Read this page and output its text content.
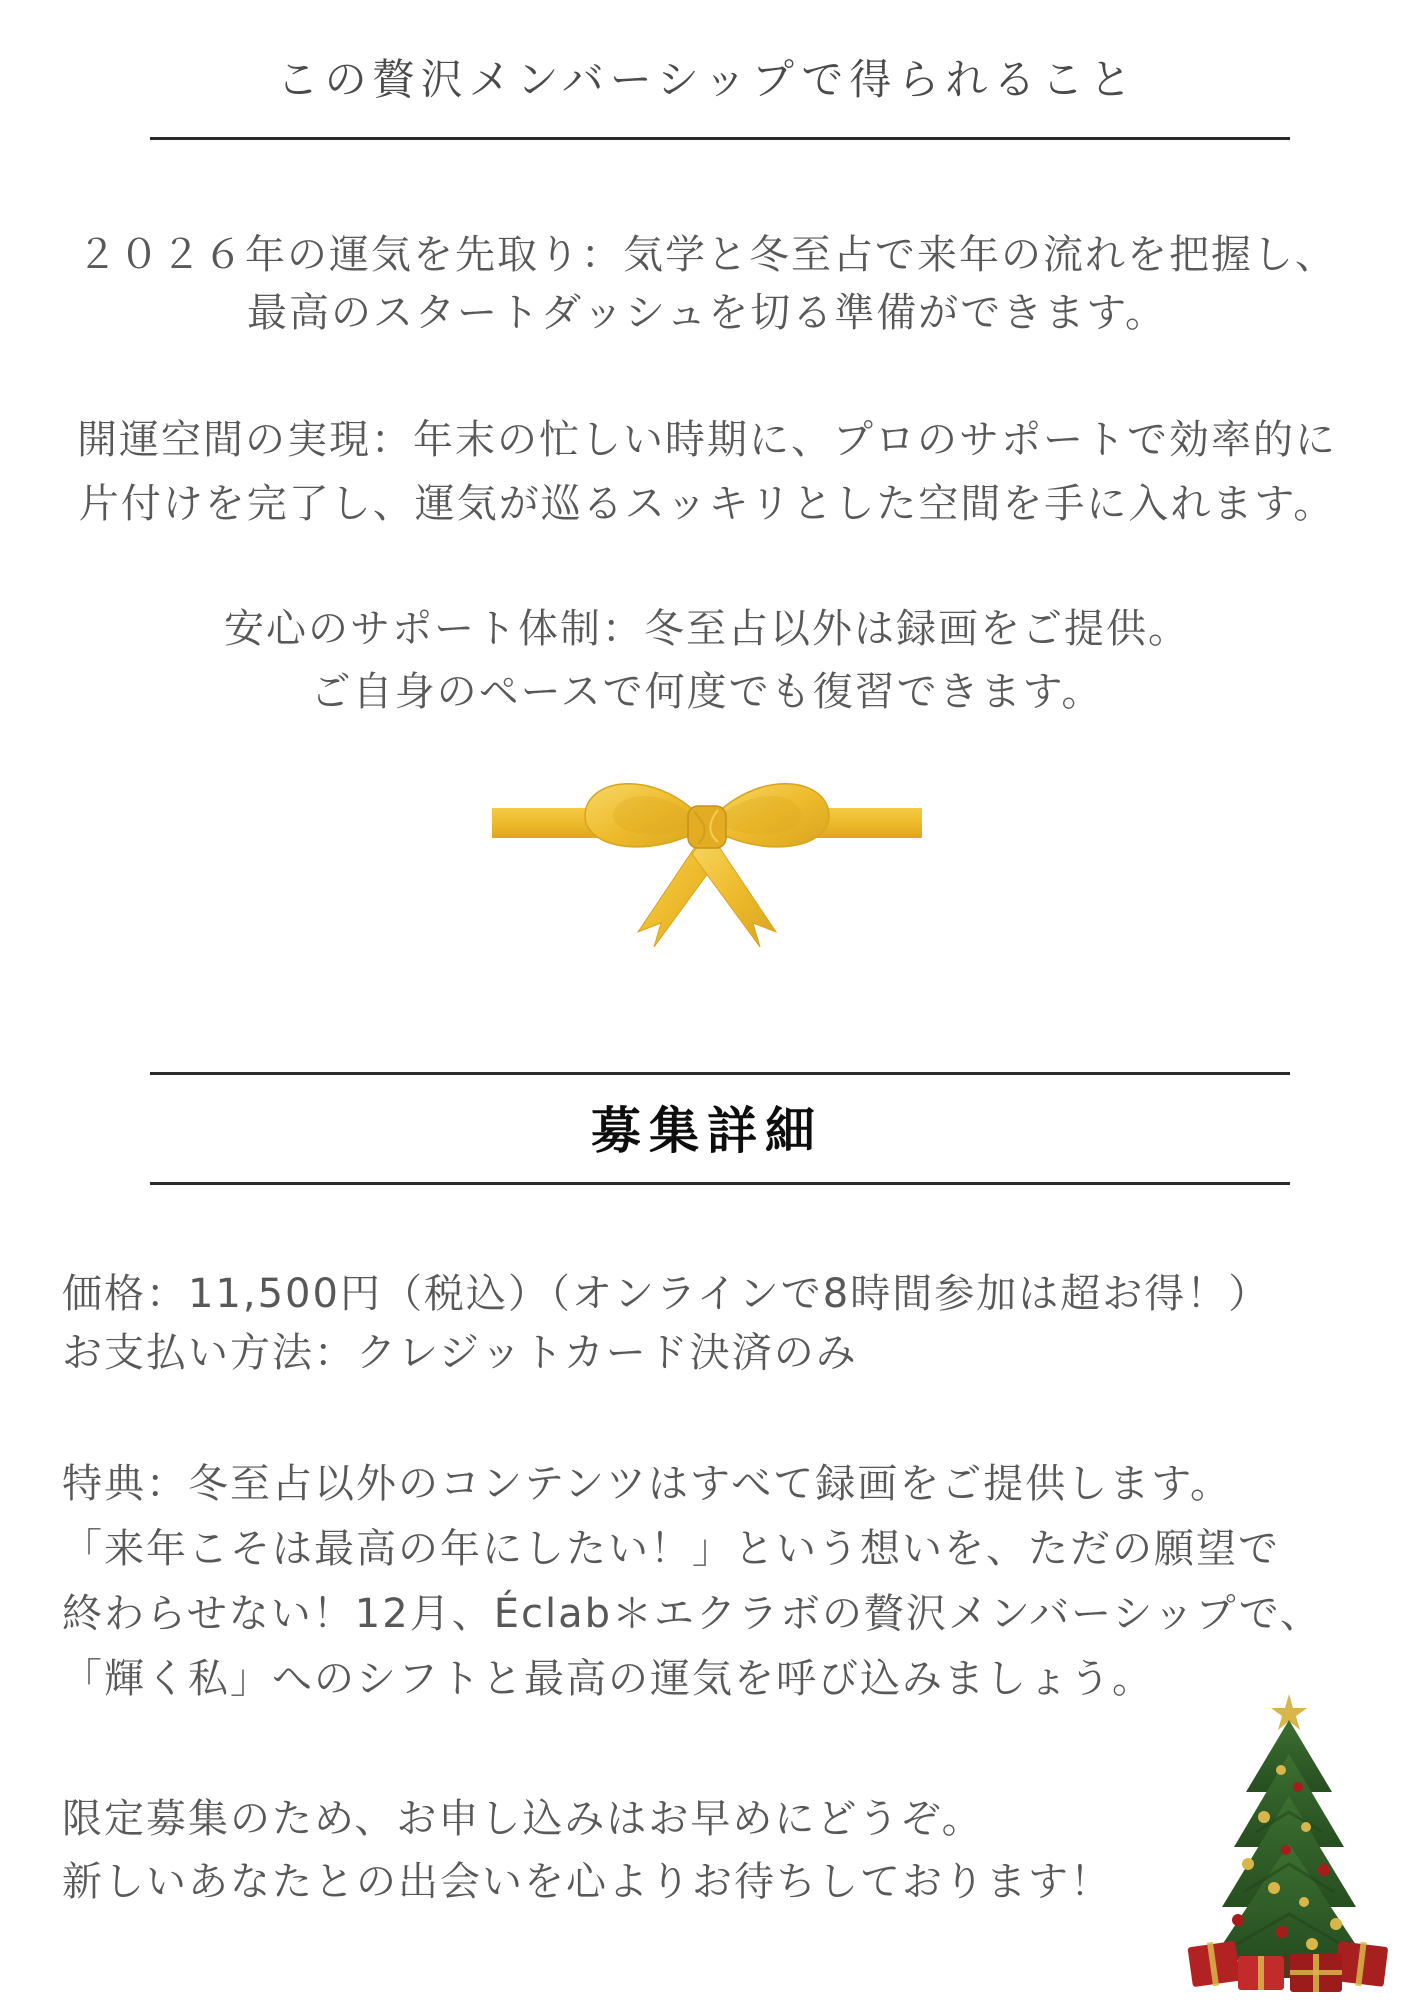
この贅沢メンバーシップで得られること
２０２６年の運気を先取り：気学と冬至占で来年の流れを把握し、
最高のスタートダッシュを切る準備ができます。
開運空間の実現：年末の忙しい時期に、プロのサポートで効率的に
片付けを完了し、運気が巡るスッキリとした空間を手に入れます。
安心のサポート体制：冬至占以外は録画をご提供。
ご自身のペースで何度でも復習できます。
募集詳細
価格：11,500円（税込）（オンラインで8時間参加は超お得！）
お支払い方法：クレジットカード決済のみ
特典：冬至占以外のコンテンツはすべて録画をご提供します。
「来年こそは最高の年にしたい！」という想いを、ただの願望で
終わらせない！12月、Éclab＊エクラボの贅沢メンバーシップで、
「輝く私」へのシフトと最高の運気を呼び込みましょう。
限定募集のため、お申し込みはお早めにどうぞ。
新しいあなたとの出会いを心よりお待ちしております！
